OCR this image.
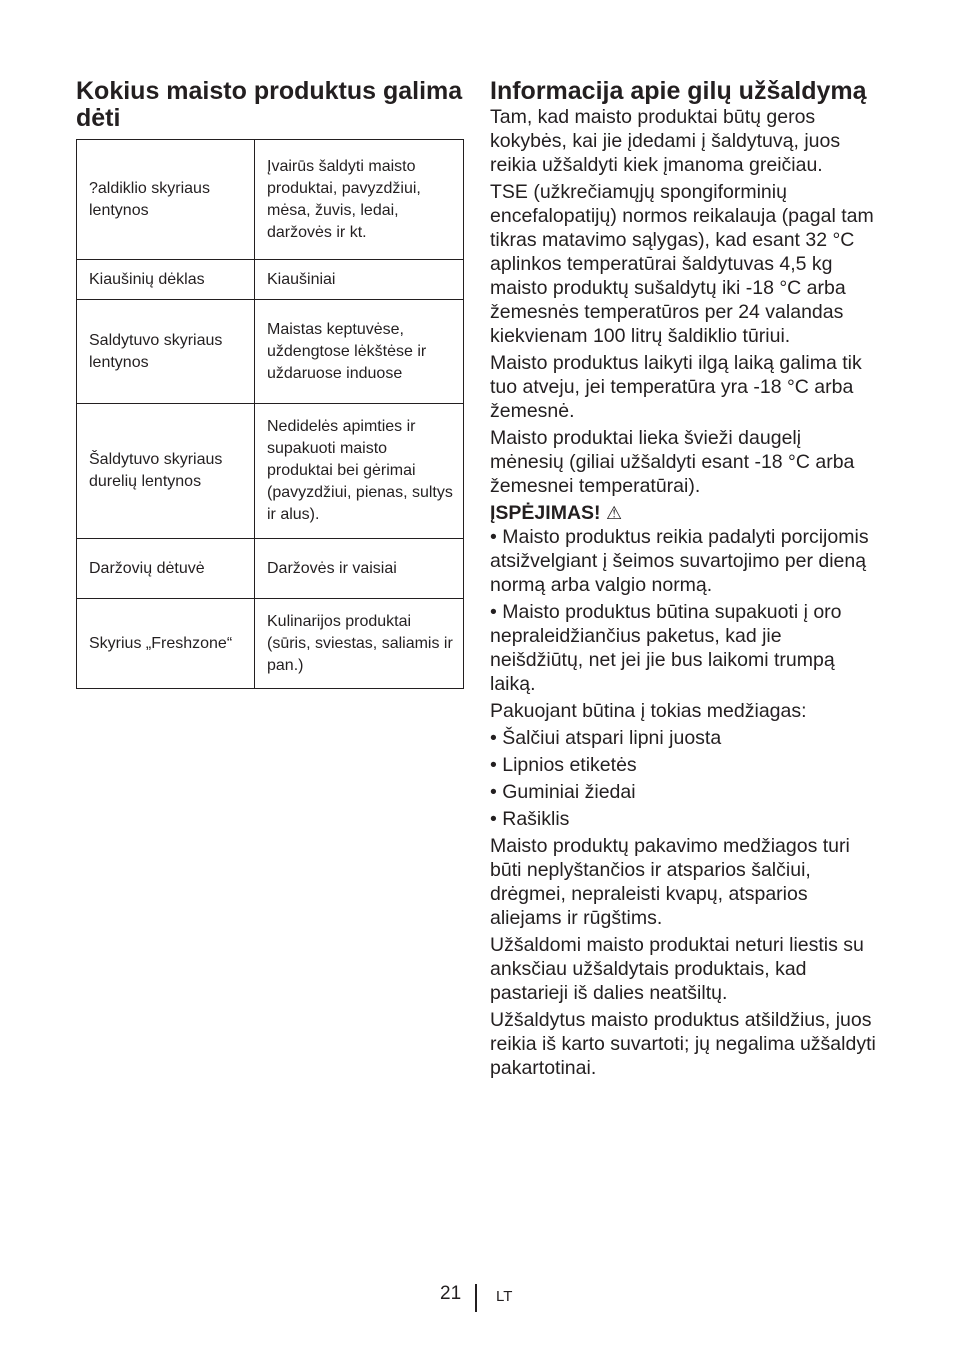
Kokius maisto produktus galima dėti
?aldiklio skyriaus lentynos	Įvairūs šaldyti maisto produktai, pavyzdžiui, mėsa, žuvis, ledai, daržovės ir kt.
Kiaušinių dėklas	Kiaušiniai
Saldytuvo skyriaus lentynos	Maistas keptuvėse, uždengtose lėkštėse ir uždaruose induose
Šaldytuvo skyriaus durelių lentynos	Nedidelės apimties ir supakuoti maisto produktai bei gėrimai (pavyzdžiui, pienas, sultys ir alus).
Daržovių dėtuvė	Daržovės ir vaisiai
Skyrius „Freshzone“	Kulinarijos produktai (sūris, sviestas, saliamis ir pan.)
Informacija apie gilų užšaldymą

Tam, kad maisto produktai būtų geros kokybės, kai jie įdedami į šaldytuvą, juos reikia užšaldyti kiek įmanoma greičiau.

TSE (užkrečiamųjų spongiforminių encefalopatijų) normos reikalauja (pagal tam tikras matavimo sąlygas), kad esant 32 °C aplinkos temperatūrai šaldytuvas 4,5 kg maisto produktų sušaldytų iki -18 °C arba žemesnės temperatūros per 24 valandas kiekvienam 100 litrų šaldiklio tūriui.

Maisto produktus laikyti ilgą laiką galima tik tuo atveju, jei temperatūra yra -18 °C arba žemesnė.

Maisto produktai lieka švieži daugelį mėnesių (giliai užšaldyti esant -18 °C arba žemesnei temperatūrai).

ĮSPĖJIMAS! ⚠

• Maisto produktus reikia padalyti porcijomis atsižvelgiant į šeimos suvartojimo per dieną normą arba valgio normą.

• Maisto produktus būtina supakuoti į oro nepraleidžiančius paketus, kad jie neišdžiūtų, net jei jie bus laikomi trumpą laiką.

Pakuojant būtina į tokias medžiagas:

• Šalčiui atspari lipni juosta

• Lipnios etiketės

• Guminiai žiedai

• Rašiklis

Maisto produktų pakavimo medžiagos turi būti neplyštančios ir atsparios šalčiui, drėgmei, nepraleisti kvapų, atsparios aliejams ir rūgštims.

Užšaldomi maisto produktai neturi liestis su anksčiau užšaldytais produktais, kad pastarieji iš dalies neatšiltų.

Užšaldytus maisto produktus atšildžius, juos reikia iš karto suvartoti; jų negalima užšaldyti pakartotinai.

21 LT
